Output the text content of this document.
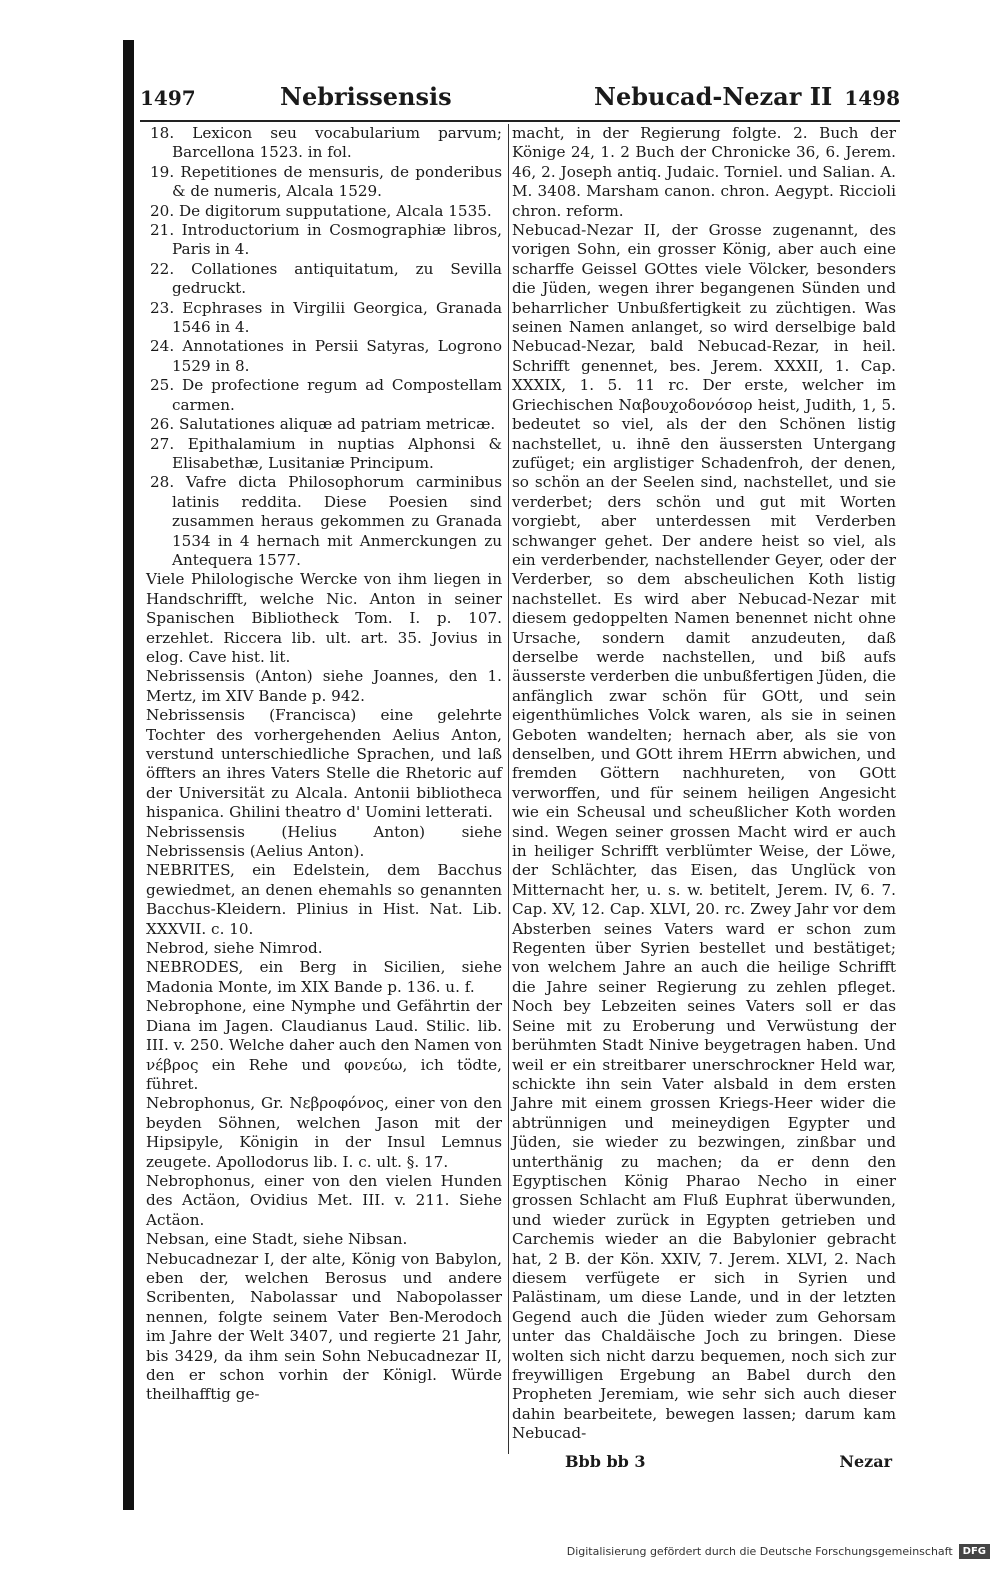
1497	Nebrissensis	Nebucad-Nezar II 1498

18. Lexicon seu vocabularium parvum; Barcellona 1523. in fol.

19. Repetitiones de mensuris, de ponderibus & de numeris, Alcala 1529.

20. De digitorum supputatione, Alcala 1535.

21. Introductorium in Cosmographiæ libros, Paris in 4.

22. Collationes antiquitatum, zu Sevilla gedruckt.

23. Ecphrases in Virgilii Georgica, Granada 1546 in 4.

24. Annotationes in Persii Satyras, Logrono 1529 in 8.

25. De profectione regum ad Compostellam carmen.

26. Salutationes aliquæ ad patriam metricæ.

27. Epithalamium in nuptias Alphonsi & Elisabethæ, Lusitaniæ Principum.

28. Vafre dicta Philosophorum carminibus latinis reddita. Diese Poesien sind zusammen heraus gekommen zu Granada 1534 in 4 hernach mit Anmerckungen zu Antequera 1577.

Viele Philologische Wercke von ihm liegen in Handschrifft, welche Nic. Anton in seiner Spanischen Bibliotheck Tom. I. p. 107. erzehlet. Riccera lib. ult. art. 35. Jovius in elog. Cave hist. lit.

Nebrissensis (Anton) siehe Joannes, den 1. Mertz, im XIV Bande p. 942.

Nebrissensis (Francisca) eine gelehrte Tochter des vorhergehenden Aelius Anton, verstund unterschiedliche Sprachen, und laß öffters an ihres Vaters Stelle die Rhetoric auf der Universität zu Alcala. Antonii bibliotheca hispanica. Ghilini theatro d' Uomini letterati.

Nebrissensis (Helius Anton) siehe Nebrissensis (Aelius Anton).

NEBRITES, ein Edelstein, dem Bacchus gewiedmet, an denen ehemahls so genannten Bacchus-Kleidern. Plinius in Hist. Nat. Lib. XXXVII. c. 10.

Nebrod, siehe Nimrod.

NEBRODES, ein Berg in Sicilien, siehe Madonia Monte, im XIX Bande p. 136. u. f.

Nebrophone, eine Nymphe und Gefährtin der Diana im Jagen. Claudianus Laud. Stilic. lib. III. v. 250. Welche daher auch den Namen von νέβρος ein Rehe und φονεύω, ich tödte, führet.

Nebrophonus, Gr. Νεβροφόνος, einer von den beyden Söhnen, welchen Jason mit der Hipsipyle, Königin in der Insul Lemnus zeugete. Apollodorus lib. I. c. ult. §. 17.

Nebrophonus, einer von den vielen Hunden des Actäon, Ovidius Met. III. v. 211. Siehe Actäon.

Nebsan, eine Stadt, siehe Nibsan.

Nebucadnezar I, der alte, König von Babylon, eben der, welchen Berosus und andere Scribenten, Nabolassar und Nabopolasser nennen, folgte seinem Vater Ben-Merodoch im Jahre der Welt 3407, und regierte 21 Jahr, bis 3429, da ihm sein Sohn Nebucadnezar II, den er schon vorhin der Königl. Würde theilhafftig ge-

macht, in der Regierung folgte. 2. Buch der Könige 24, 1. 2 Buch der Chronicke 36, 6. Jerem. 46, 2. Joseph antiq. Judaic. Torniel. und Salian. A. M. 3408. Marsham canon. chron. Aegypt. Riccioli chron. reform.

Nebucad-Nezar II, der Grosse zugenannt, des vorigen Sohn, ein grosser König, aber auch eine scharffe Geissel GOttes viele Völcker, besonders die Jüden, wegen ihrer begangenen Sünden und beharrlicher Unbußfertigkeit zu züchtigen. Was seinen Namen anlanget, so wird derselbige bald Nebucad-Nezar, bald Nebucad-Rezar, in heil. Schrifft genennet, bes. Jerem. XXXII, 1. Cap. XXXIX, 1. 5. 11 rc. Der erste, welcher im Griechischen Ναβουχοδονόσορ heist, Judith, 1, 5. bedeutet so viel, als der den Schönen listig nachstellet, u. ihnē den äussersten Untergang zufüget; ein arglistiger Schadenfroh, der denen, so schön an der Seelen sind, nachstellet, und sie verderbet; ders schön und gut mit Worten vorgiebt, aber unterdessen mit Verderben schwanger gehet. Der andere heist so viel, als ein verderbender, nachstellender Geyer, oder der Verderber, so dem abscheulichen Koth listig nachstellet. Es wird aber Nebucad-Nezar mit diesem gedoppelten Namen benennet nicht ohne Ursache, sondern damit anzudeuten, daß derselbe werde nachstellen, und biß aufs äusserste verderben die unbußfertigen Jüden, die anfänglich zwar schön für GOtt, und sein eigenthümliches Volck waren, als sie in seinen Geboten wandelten; hernach aber, als sie von denselben, und GOtt ihrem HErrn abwichen, und fremden Göttern nachhureten, von GOtt verworffen, und für seinem heiligen Angesicht wie ein Scheusal und scheußlicher Koth worden sind. Wegen seiner grossen Macht wird er auch in heiliger Schrifft verblümter Weise, der Löwe, der Schlächter, das Eisen, das Unglück von Mitternacht her, u. s. w. betitelt, Jerem. IV, 6. 7. Cap. XV, 12. Cap. XLVI, 20. rc. Zwey Jahr vor dem Absterben seines Vaters ward er schon zum Regenten über Syrien bestellet und bestätiget; von welchem Jahre an auch die heilige Schrifft die Jahre seiner Regierung zu zehlen pfleget. Noch bey Lebzeiten seines Vaters soll er das Seine mit zu Eroberung und Verwüstung der berühmten Stadt Ninive beygetragen haben. Und weil er ein streitbarer unerschrockner Held war, schickte ihn sein Vater alsbald in dem ersten Jahre mit einem grossen Kriegs-Heer wider die abtrünnigen und meineydigen Egypter und Jüden, sie wieder zu bezwingen, zinßbar und unterthänig zu machen; da er denn den Egyptischen König Pharao Necho in einer grossen Schlacht am Fluß Euphrat überwunden, und wieder zurück in Egypten getrieben und Carchemis wieder an die Babylonier gebracht hat, 2 B. der Kön. XXIV, 7. Jerem. XLVI, 2. Nach diesem verfügete er sich in Syrien und Palästinam, um diese Lande, und in der letzten Gegend auch die Jüden wieder zum Gehorsam unter das Chaldäische Joch zu bringen. Diese wolten sich nicht darzu bequemen, noch sich zur freywilligen Ergebung an Babel durch den Propheten Jeremiam, wie sehr sich auch dieser dahin bearbeitete, bewegen lassen; darum kam Nebucad-

Bbb bb 3	Nezar
Digitalisierung gefördert durch die Deutsche Forschungsgemeinschaft	DFG
